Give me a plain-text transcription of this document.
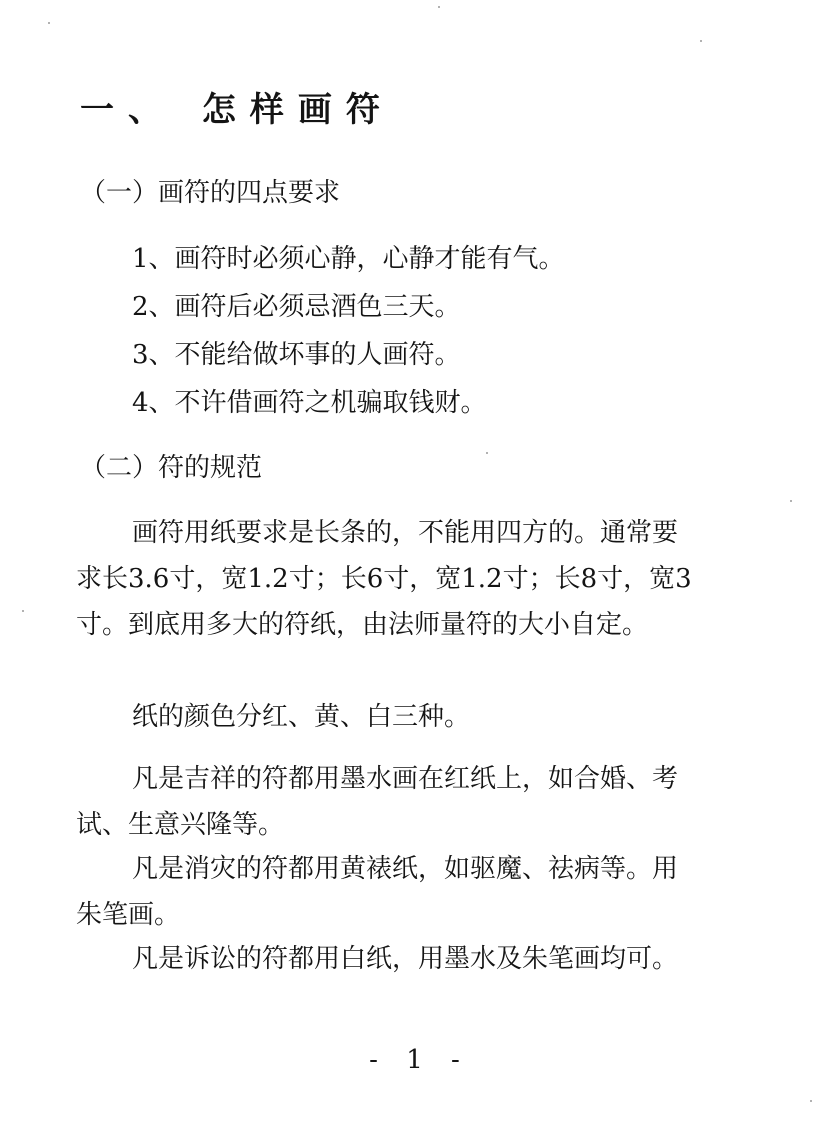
一、 怎样画符
（一）画符的四点要求
1、画符时必须心静，心静才能有气。
2、画符后必须忌酒色三天。
3、不能给做坏事的人画符。
4、不许借画符之机骗取钱财。
（二）符的规范

画符用纸要求是长条的，不能用四方的。通常要求长3.6寸，宽1.2寸；长6寸，宽1.2寸；长8寸，宽3寸。到底用多大的符纸，由法师量符的大小自定。

纸的颜色分红、黄、白三种。

凡是吉祥的符都用墨水画在红纸上，如合婚、考试、生意兴隆等。

凡是消灾的符都用黄裱纸，如驱魔、祛病等。用朱笔画。

凡是诉讼的符都用白纸，用墨水及朱笔画均可。

- 1 -
